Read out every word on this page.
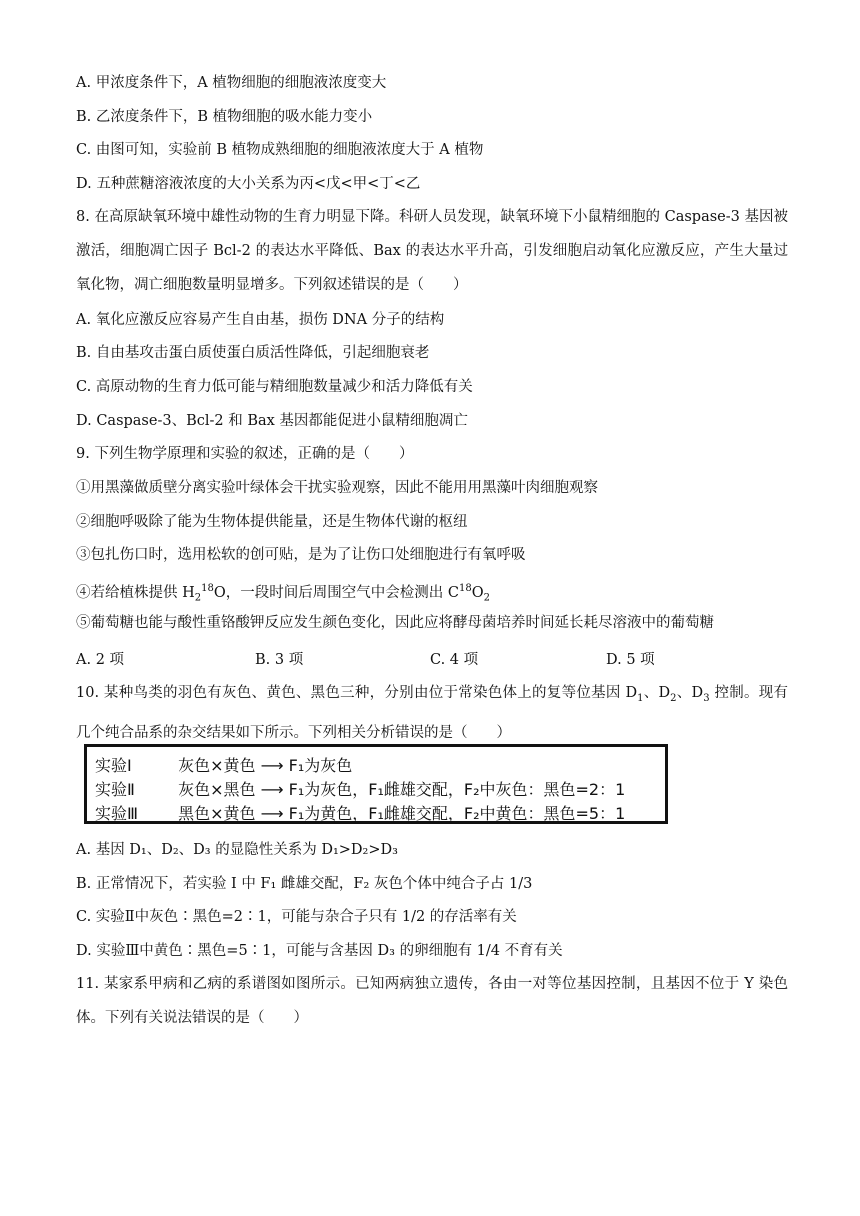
A. 甲浓度条件下，A 植物细胞的细胞液浓度变大
B. 乙浓度条件下，B 植物细胞的吸水能力变小
C. 由图可知，实验前 B 植物成熟细胞的细胞液浓度大于 A 植物
D. 五种蔗糖溶液浓度的大小关系为丙<戊<甲<丁<乙
8. 在高原缺氧环境中雄性动物的生育力明显下降。科研人员发现，缺氧环境下小鼠精细胞的 Caspase-3 基因被激活，细胞凋亡因子 Bcl-2 的表达水平降低、Bax 的表达水平升高，引发细胞启动氧化应激反应，产生大量过氧化物，凋亡细胞数量明显增多。下列叙述错误的是（　　）
A. 氧化应激反应容易产生自由基，损伤 DNA 分子的结构
B. 自由基攻击蛋白质使蛋白质活性降低，引起细胞衰老
C. 高原动物的生育力低可能与精细胞数量减少和活力降低有关
D. Caspase-3、Bcl-2 和 Bax 基因都能促进小鼠精细胞凋亡
9. 下列生物学原理和实验的叙述，正确的是（　　）
①用黑藻做质壁分离实验叶绿体会干扰实验观察，因此不能用用黑藻叶肉细胞观察
②细胞呼吸除了能为生物体提供能量，还是生物体代谢的枢纽
③包扎伤口时，选用松软的创可贴，是为了让伤口处细胞进行有氧呼吸
④若给植株提供 $H_2^{18}O$，一段时间后周围空气中会检测出 $C^{18}O_2$
⑤葡萄糖也能与酸性重铬酸钾反应发生颜色变化，因此应将酵母菌培养时间延长耗尽溶液中的葡萄糖
A. 2 项	B. 3 项	C. 4 项	D. 5 项
10. 某种鸟类的羽色有灰色、黄色、黑色三种，分别由位于常染色体上的复等位基因 $D_1$、$D_2$、$D_3$ 控制。现有几个纯合品系的杂交结果如下所示。下列相关分析错误的是（　　）
实验Ⅰ	灰色×黄色 ⟶ F₁为灰色
实验Ⅱ	灰色×黑色 ⟶ F₁为灰色，F₁雌雄交配，F₂中灰色：黑色=2：1
实验Ⅲ	黑色×黄色 ⟶ F₁为黄色，F₁雌雄交配，F₂中黄色：黑色=5：1
A. 基因 D₁、D₂、D₃ 的显隐性关系为 D₁>D₂>D₃
B. 正常情况下，若实验 I 中 F₁ 雌雄交配，F₂ 灰色个体中纯合子占 1/3
C. 实验Ⅱ中灰色∶黑色=2∶1，可能与杂合子只有 1/2 的存活率有关
D. 实验Ⅲ中黄色∶黑色=5∶1，可能与含基因 D₃ 的卵细胞有 1/4 不育有关
11. 某家系甲病和乙病的系谱图如图所示。已知两病独立遗传，各由一对等位基因控制，且基因不位于 Y 染色体。下列有关说法错误的是（　　）
